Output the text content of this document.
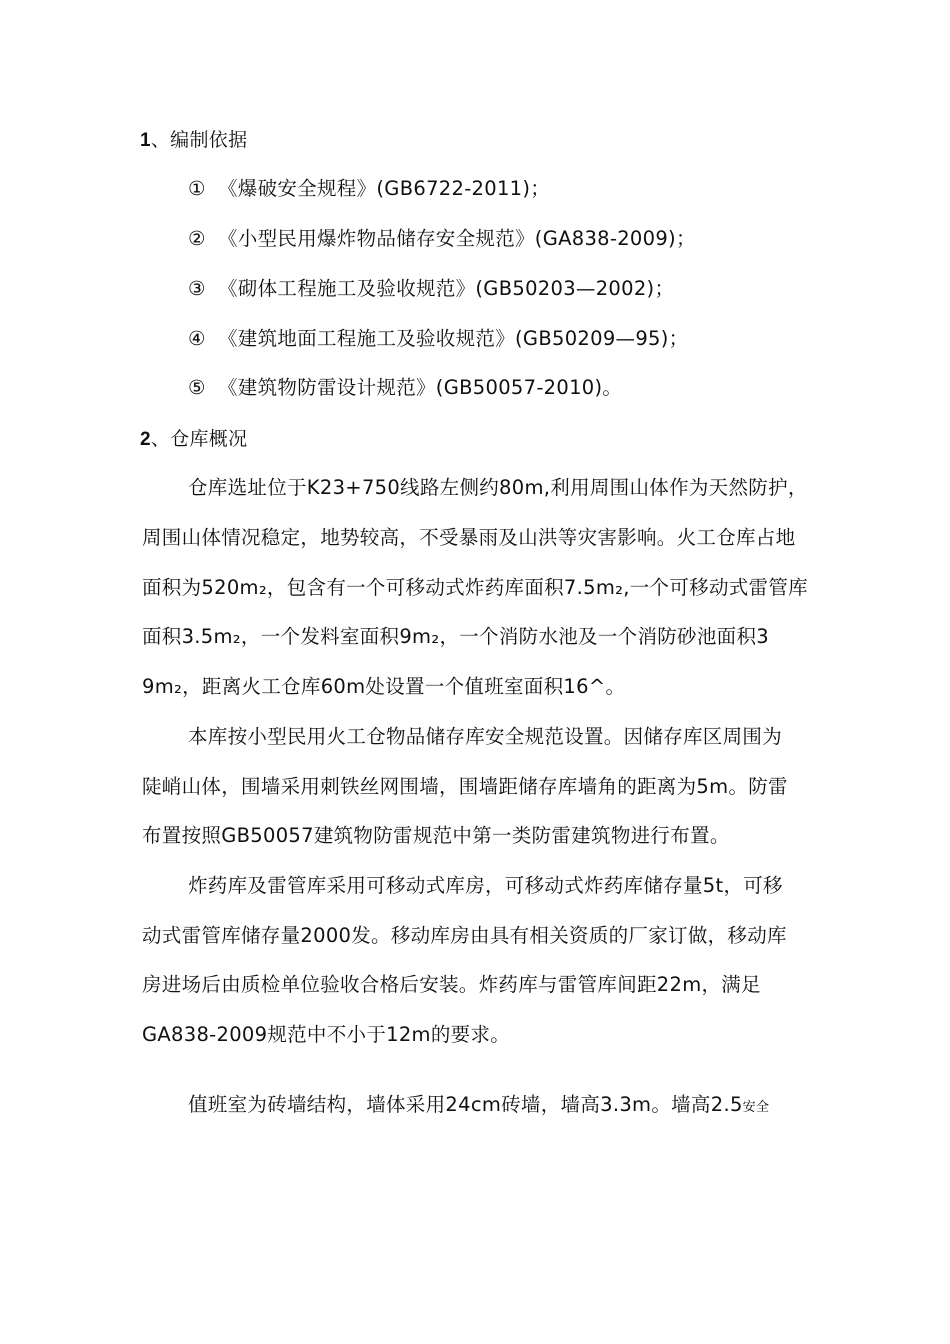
1、编制依据
① 《爆破安全规程》(GB6722-2011)；
② 《小型民用爆炸物品储存安全规范》(GA838-2009)；
③ 《砌体工程施工及验收规范》(GB50203—2002)；
④ 《建筑地面工程施工及验收规范》(GB50209—95)；
⑤ 《建筑物防雷设计规范》(GB50057-2010)。
2、仓库概况
仓库选址位于K23+750线路左侧约80m,利用周围山体作为天然防护，
周围山体情况稳定，地势较高，不受暴雨及山洪等灾害影响。火工仓库占地
面积为520m₂，包含有一个可移动式炸药库面积7.5m₂,一个可移动式雷管库
面积3.5m₂，一个发料室面积9m₂，一个消防水池及一个消防砂池面积3
9m₂，距离火工仓库60m处设置一个值班室面积16^。
本库按小型民用火工仓物品储存库安全规范设置。因储存库区周围为
陡峭山体，围墙采用刺铁丝网围墙，围墙距储存库墙角的距离为5m。防雷
布置按照GB50057建筑物防雷规范中第一类防雷建筑物进行布置。
炸药库及雷管库采用可移动式库房，可移动式炸药库储存量5t，可移
动式雷管库储存量2000发。移动库房由具有相关资质的厂家订做，移动库
房进场后由质检单位验收合格后安装。炸药库与雷管库间距22m，满足
GA838-2009规范中不小于12m的要求。
值班室为砖墙结构，墙体采用24cm砖墙，墙高3.3m。墙高2.5安全
